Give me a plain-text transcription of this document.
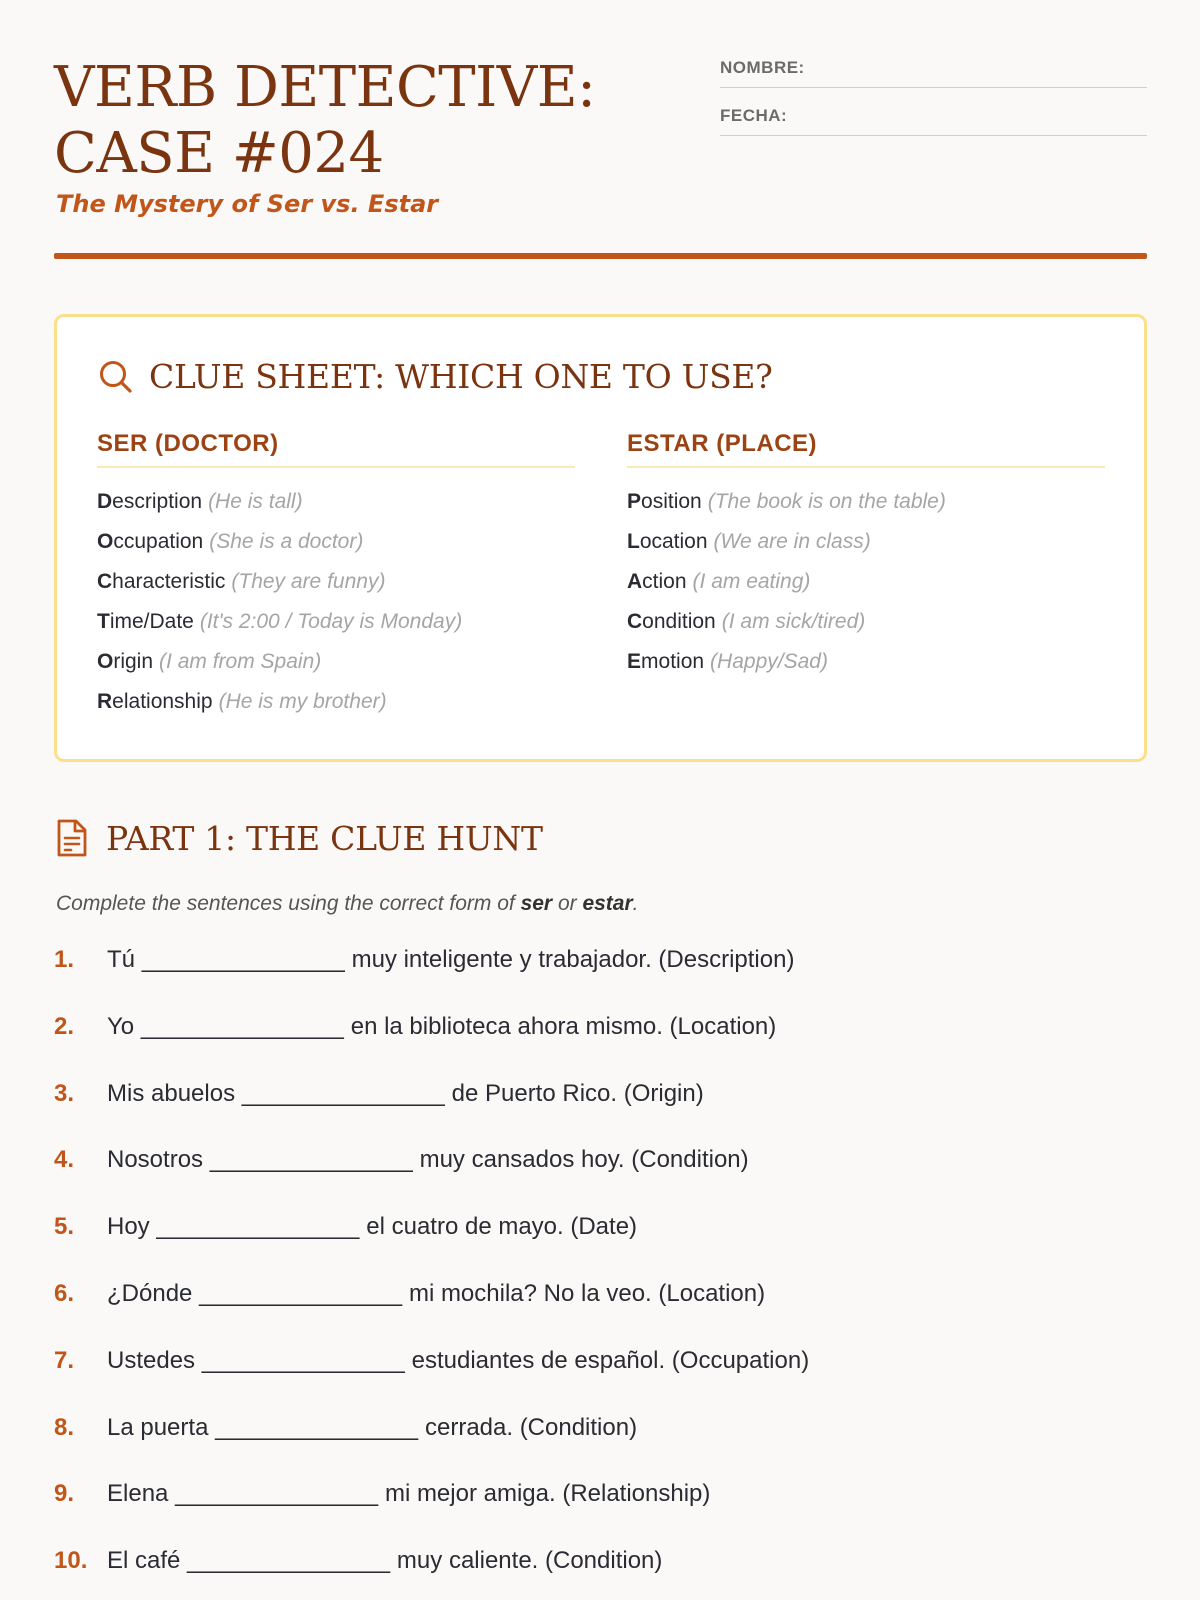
VERB DETECTIVE:
CASE #024
The Mystery of Ser vs. Estar
NOMBRE:
FECHA:
CLUE SHEET: WHICH ONE TO USE?
SER (DOCTOR)
Description (He is tall)
Occupation (She is a doctor)
Characteristic (They are funny)
Time/Date (It's 2:00 / Today is Monday)
Origin (I am from Spain)
Relationship (He is my brother)
ESTAR (PLACE)
Position (The book is on the table)
Location (We are in class)
Action (I am eating)
Condition (I am sick/tired)
Emotion (Happy/Sad)
PART 1: THE CLUE HUNT
Complete the sentences using the correct form of ser or estar.
1.	Tú _______________ muy inteligente y trabajador. (Description)
2.	Yo _______________ en la biblioteca ahora mismo. (Location)
3.	Mis abuelos _______________ de Puerto Rico. (Origin)
4.	Nosotros _______________ muy cansados hoy. (Condition)
5.	Hoy _______________ el cuatro de mayo. (Date)
6.	¿Dónde _______________ mi mochila? No la veo. (Location)
7.	Ustedes _______________ estudiantes de español. (Occupation)
8.	La puerta _______________ cerrada. (Condition)
9.	Elena _______________ mi mejor amiga. (Relationship)
10. El café _______________ muy caliente. (Condition)
